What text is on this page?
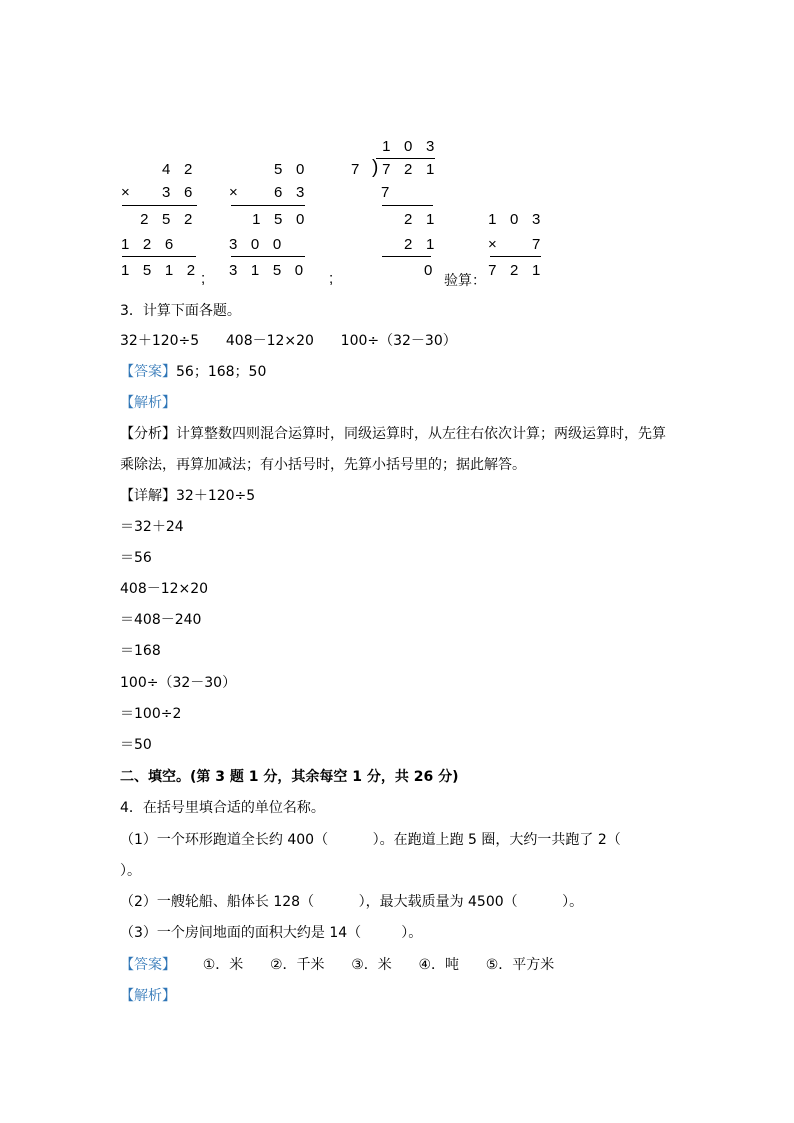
4 2
× 3 6
2 5 2
1 2 6
1 5 1 2 ;
5 0
× 6 3
1 5 0
3 0 0
3 1 5 0 ;
1 0 3
7 ) 7 2 1
7
2 1
2 1
0
验算：
1 0 3
× 7
7 2 1
3．计算下面各题。
32＋120÷5      408－12×20      100÷（32－30）
【答案】56；168；50
【解析】
【分析】计算整数四则混合运算时，同级运算时，从左往右依次计算；两级运算时，先算
乘除法，再算加减法；有小括号时，先算小括号里的；据此解答。
【详解】32＋120÷5
＝32＋24
＝56
408－12×20
＝408－240
＝168
100÷（32－30）
＝100÷2
＝50
二、填空。(第 3 题 1 分，其余每空 1 分，共 26 分)
4．在括号里填合适的单位名称。
（1）一个环形跑道全长约 400（          ）。在跑道上跑 5 圈，大约一共跑了 2（
）。
（2）一艘轮船、船体长 128（          ），最大载质量为 4500（          ）。
（3）一个房间地面的面积大约是 14（         ）。
【答案】      ①．米      ②．千米      ③．米      ④．吨      ⑤．平方米
【解析】
